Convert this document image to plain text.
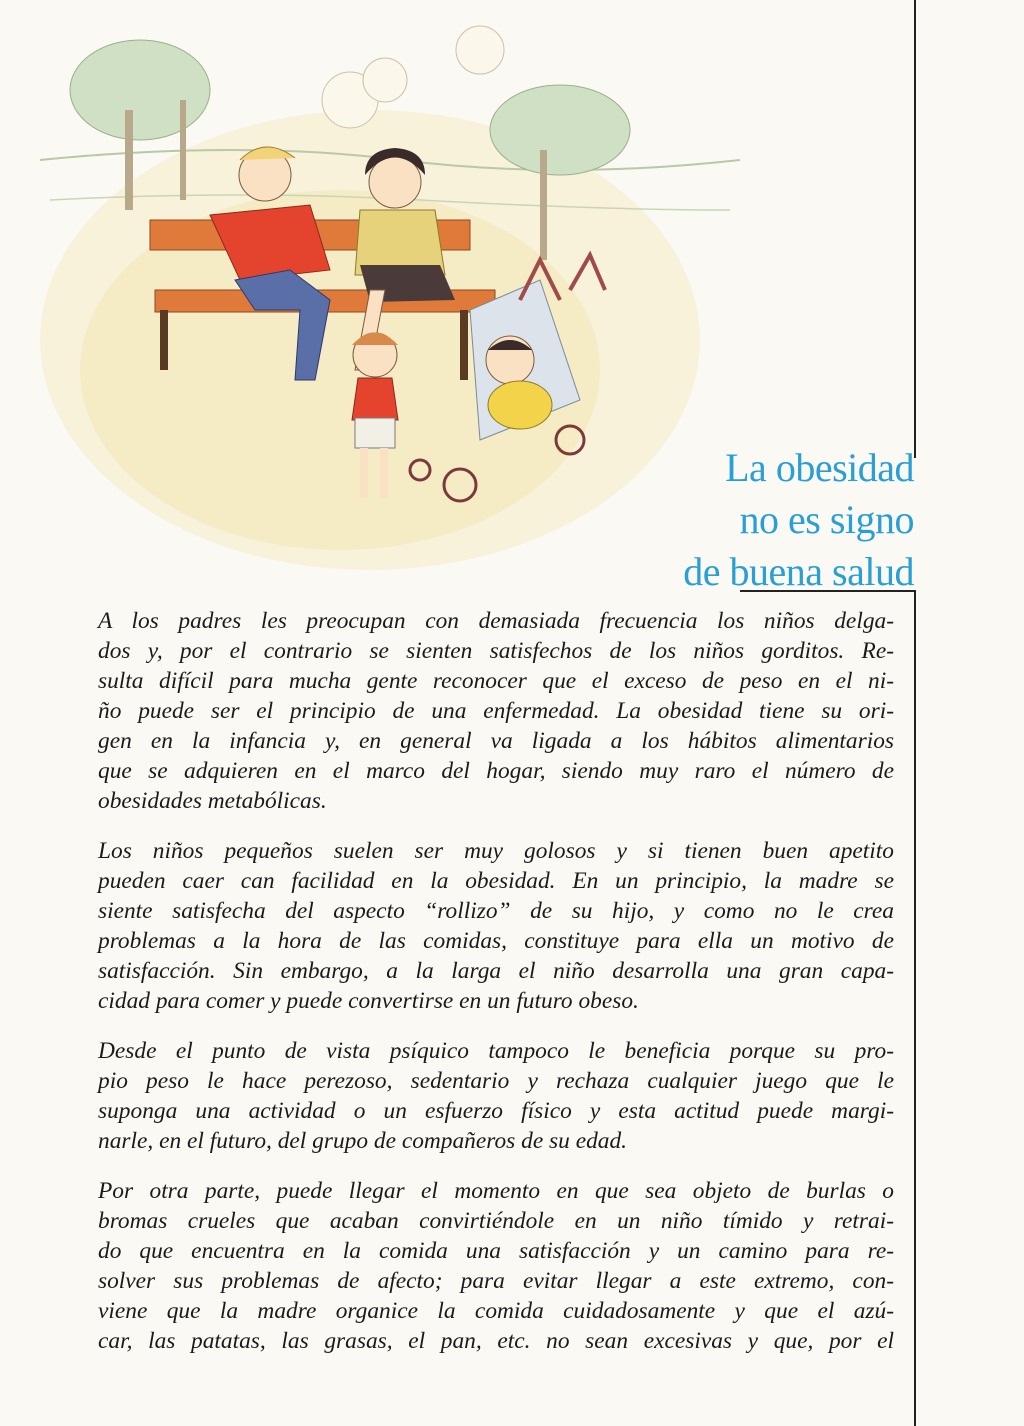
La obesidad
no es signo
de buena salud

A los padres les preocupan con demasiada frecuencia los niños delga-
dos y, por el contrario se sienten satisfechos de los niños gorditos. Re-
sulta difícil para mucha gente reconocer que el exceso de peso en el ni-
ño puede ser el principio de una enfermedad. La obesidad tiene su ori-
gen en la infancia y, en general va ligada a los hábitos alimentarios
que se adquieren en el marco del hogar, siendo muy raro el número de
obesidades metabólicas.

Los niños pequeños suelen ser muy golosos y si tienen buen apetito
pueden caer can facilidad en la obesidad. En un principio, la madre se
siente satisfecha del aspecto “rollizo” de su hijo, y como no le crea
problemas a la hora de las comidas, constituye para ella un motivo de
satisfacción. Sin embargo, a la larga el niño desarrolla una gran capa-
cidad para comer y puede convertirse en un futuro obeso.

Desde el punto de vista psíquico tampoco le beneficia porque su pro-
pio peso le hace perezoso, sedentario y rechaza cualquier juego que le
suponga una actividad o un esfuerzo físico y esta actitud puede margi-
narle, en el futuro, del grupo de compañeros de su edad.

Por otra parte, puede llegar el momento en que sea objeto de burlas o
bromas crueles que acaban convirtiéndole en un niño tímido y retrai-
do que encuentra en la comida una satisfacción y un camino para re-
solver sus problemas de afecto; para evitar llegar a este extremo, con-
viene que la madre organice la comida cuidadosamente y que el azú-
car, las patatas, las grasas, el pan, etc. no sean excesivas y que, por el
